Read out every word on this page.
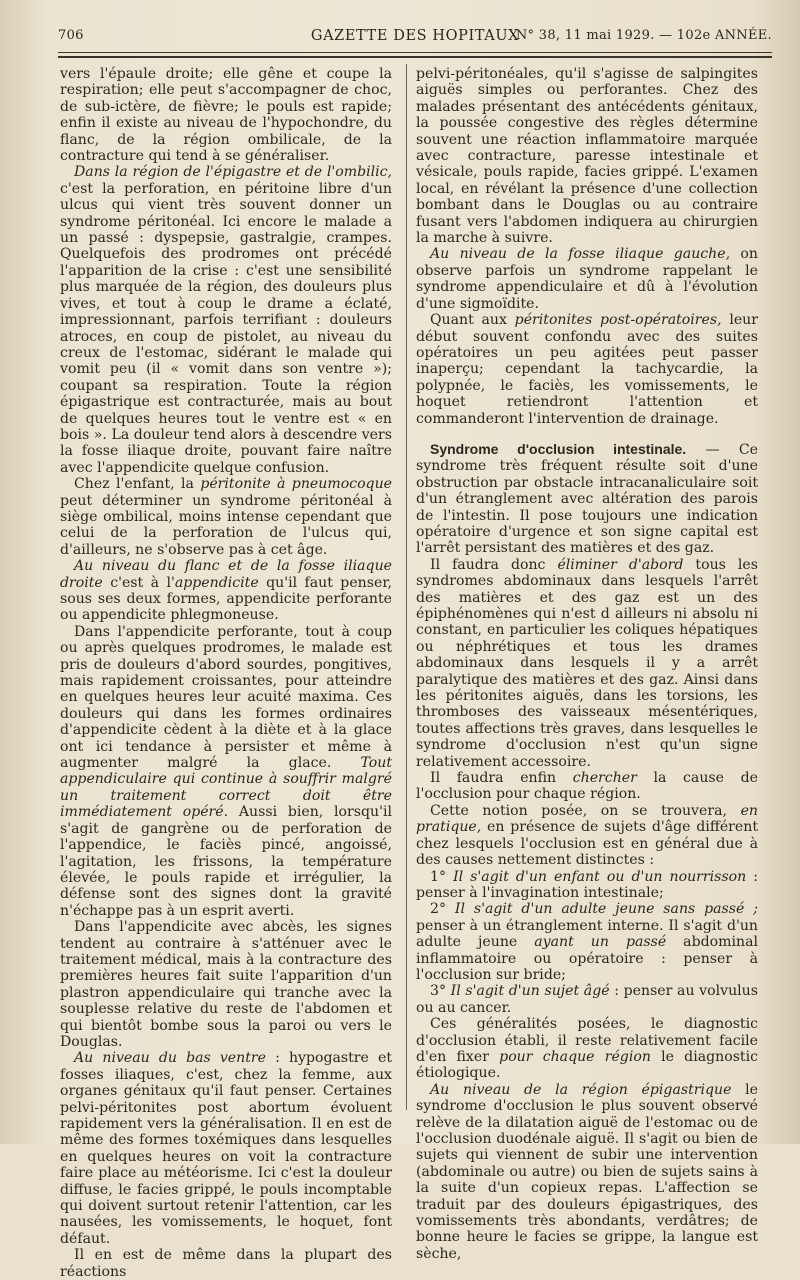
706	GAZETTE DES HOPITAUX
N° 38, 11 mai 1929. — 102e ANNÉE.

vers l'épaule droite; elle gêne et coupe la respiration; elle peut s'accompagner de choc, de sub-ictère, de fièvre; le pouls est rapide; enfin il existe au niveau de l'hypochondre, du flanc, de la région ombilicale, de la contracture qui tend à se généraliser.

Dans la région de l'épigastre et de l'ombilic, c'est la perforation, en péritoine libre d'un ulcus qui vient très souvent donner un syndrome péritonéal. Ici encore le malade a un passé : dyspepsie, gastralgie, crampes. Quelquefois des prodromes ont précédé l'apparition de la crise : c'est une sensibilité plus marquée de la région, des douleurs plus vives, et tout à coup le drame a éclaté, impressionnant, parfois terrifiant : douleurs atroces, en coup de pistolet, au niveau du creux de l'estomac, sidérant le malade qui vomit peu (il « vomit dans son ventre »); coupant sa respiration. Toute la région épigastrique est contracturée, mais au bout de quelques heures tout le ventre est « en bois ». La douleur tend alors à descendre vers la fosse iliaque droite, pouvant faire naître avec l'appendicite quelque confusion.

Chez l'enfant, la péritonite à pneumocoque peut déterminer un syndrome péritonéal à siège ombilical, moins intense cependant que celui de la perforation de l'ulcus qui, d'ailleurs, ne s'observe pas à cet âge.

Au niveau du flanc et de la fosse iliaque droite c'est à l'appendicite qu'il faut penser, sous ses deux formes, appendicite perforante ou appendicite phlegmoneuse.

Dans l'appendicite perforante, tout à coup ou après quelques prodromes, le malade est pris de douleurs d'abord sourdes, pongitives, mais rapidement croissantes, pour atteindre en quelques heures leur acuité maxima. Ces douleurs qui dans les formes ordinaires d'appendicite cèdent à la diète et à la glace ont ici tendance à persister et même à augmenter malgré la glace. Tout appendiculaire qui continue à souffrir malgré un traitement correct doit être immédiatement opéré. Aussi bien, lorsqu'il s'agit de gangrène ou de perforation de l'appendice, le faciès pincé, angoissé, l'agitation, les frissons, la température élevée, le pouls rapide et irrégulier, la défense sont des signes dont la gravité n'échappe pas à un esprit averti.

Dans l'appendicite avec abcès, les signes tendent au contraire à s'atténuer avec le traitement médical, mais à la contracture des premières heures fait suite l'apparition d'un plastron appendiculaire qui tranche avec la souplesse relative du reste de l'abdomen et qui bientôt bombe sous la paroi ou vers le Douglas.

Au niveau du bas ventre : hypogastre et fosses iliaques, c'est, chez la femme, aux organes génitaux qu'il faut penser. Certaines pelvi-péritonites post abortum évoluent rapidement vers la généralisation. Il en est de même des formes toxémiques dans lesquelles en quelques heures on voit la contracture faire place au météorisme. Ici c'est la douleur diffuse, le facies grippé, le pouls incomptable qui doivent surtout retenir l'attention, car les nausées, les vomissements, le hoquet, font défaut.

Il en est de même dans la plupart des réactions

pelvi-péritonéales, qu'il s'agisse de salpingites aiguës simples ou perforantes. Chez des malades présentant des antécédents génitaux, la poussée congestive des règles détermine souvent une réaction inflammatoire marquée avec contracture, paresse intestinale et vésicale, pouls rapide, facies grippé. L'examen local, en révélant la présence d'une collection bombant dans le Douglas ou au contraire fusant vers l'abdomen indiquera au chirurgien la marche à suivre.

Au niveau de la fosse iliaque gauche, on observe parfois un syndrome rappelant le syndrome appendiculaire et dû à l'évolution d'une sigmoïdite.

Quant aux péritonites post-opératoires, leur début souvent confondu avec des suites opératoires un peu agitées peut passer inaperçu; cependant la tachycardie, la polypnée, le faciès, les vomissements, le hoquet retiendront l'attention et commanderont l'intervention de drainage.

Syndrome d'occlusion intestinale. — Ce syndrome très fréquent résulte soit d'une obstruction par obstacle intracanaliculaire soit d'un étranglement avec altération des parois de l'intestin. Il pose toujours une indication opératoire d'urgence et son signe capital est l'arrêt persistant des matières et des gaz.

Il faudra donc éliminer d'abord tous les syndromes abdominaux dans lesquels l'arrêt des matières et des gaz est un des épiphénomènes qui n'est d ailleurs ni absolu ni constant, en particulier les coliques hépatiques ou néphrétiques et tous les drames abdominaux dans lesquels il y a arrêt paralytique des matières et des gaz. Ainsi dans les péritonites aiguës, dans les torsions, les thromboses des vaisseaux mésentériques, toutes affections très graves, dans lesquelles le syndrome d'occlusion n'est qu'un signe relativement accessoire.

Il faudra enfin chercher la cause de l'occlusion pour chaque région.

Cette notion posée, on se trouvera, en pratique, en présence de sujets d'âge différent chez lesquels l'occlusion est en général due à des causes nettement distinctes :

1° Il s'agit d'un enfant ou d'un nourrisson : penser à l'invagination intestinale;

2° Il s'agit d'un adulte jeune sans passé ; penser à un étranglement interne. Il s'agit d'un adulte jeune ayant un passé abdominal inflammatoire ou opératoire : penser à l'occlusion sur bride;

3° Il s'agit d'un sujet âgé : penser au volvulus ou au cancer.

Ces généralités posées, le diagnostic d'occlusion établi, il reste relativement facile d'en fixer pour chaque région le diagnostic étiologique.

Au niveau de la région épigastrique le syndrome d'occlusion le plus souvent observé relève de la dilatation aiguë de l'estomac ou de l'occlusion duodénale aiguë. Il s'agit ou bien de sujets qui viennent de subir une intervention (abdominale ou autre) ou bien de sujets sains à la suite d'un copieux repas. L'affection se traduit par des douleurs épigastriques, des vomissements très abondants, verdâtres; de bonne heure le facies se grippe, la langue est sèche,
